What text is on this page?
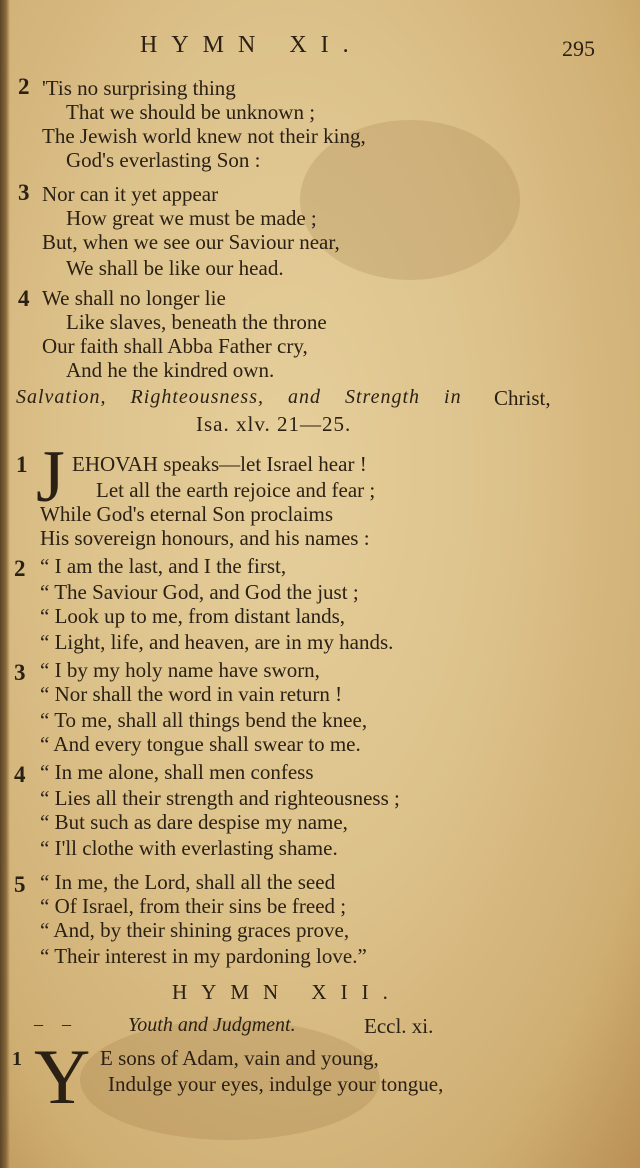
HYMN XI.	295
2 'Tis no surprising thing
That we should be unknown ;
The Jewish world knew not their king,
God's everlasting Son :
3 Nor can it yet appear
How great we must be made ;
But, when we see our Saviour near,
We shall be like our head.
4 We shall no longer lie
Like slaves, beneath the throne
Our faith shall Abba Father cry,
And he the kindred own.
Salvation, Righteousness, and Strength in Christ,
Isa. xlv. 21—25.
1 J EHOVAH speaks—let Israel hear !
Let all the earth rejoice and fear ;
While God's eternal Son proclaims
His sovereign honours, and his names :
2 “ I am the last, and I the first,
“ The Saviour God, and God the just ;
“ Look up to me, from distant lands,
“ Light, life, and heaven, are in my hands.
3 “ I by my holy name have sworn,
“ Nor shall the word in vain return !
“ To me, shall all things bend the knee,
“ And every tongue shall swear to me.
4 “ In me alone, shall men confess
“ Lies all their strength and righteousness ;
“ But such as dare despise my name,
“ I'll clothe with everlasting shame.
5 “ In me, the Lord, shall all the seed
“ Of Israel, from their sins be freed ;
“ And, by their shining graces prove,
“ Their interest in my pardoning love.”
HYMN XII.
– –	Youth and Judgment.	Eccl. xi.
1 Y E sons of Adam, vain and young,
Indulge your eyes, indulge your tongue,
